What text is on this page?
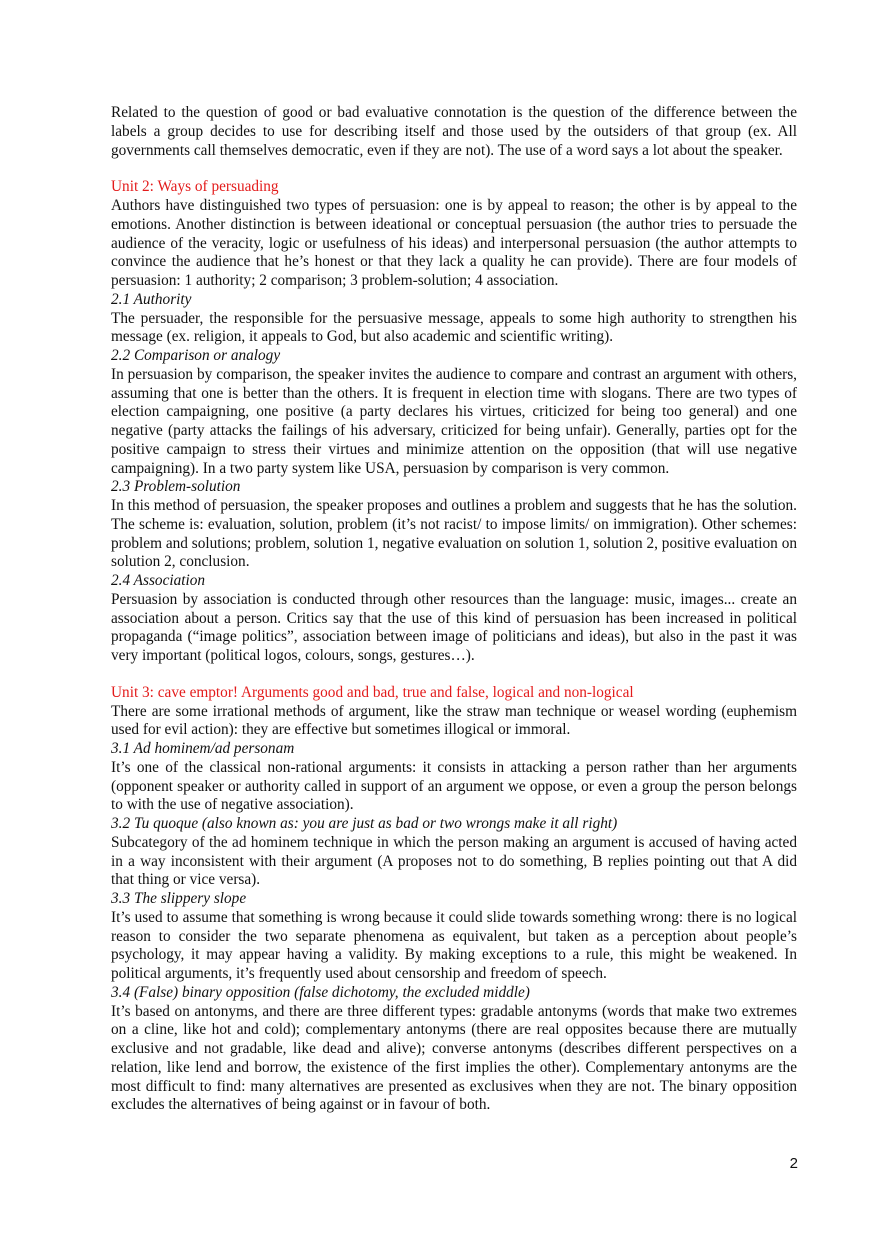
Related to the question of good or bad evaluative connotation is the question of the difference between the labels a group decides to use for describing itself and those used by the outsiders of that group (ex. All governments call themselves democratic, even if they are not). The use of a word says a lot about the speaker.

Unit 2: Ways of persuading

Authors have distinguished two types of persuasion: one is by appeal to reason; the other is by appeal to the emotions. Another distinction is between ideational or conceptual persuasion (the author tries to persuade the audience of the veracity, logic or usefulness of his ideas) and interpersonal persuasion (the author attempts to convince the audience that he’s honest or that they lack a quality he can provide). There are four models of persuasion: 1 authority; 2 comparison; 3 problem-solution; 4 association.

2.1 Authority

The persuader, the responsible for the persuasive message, appeals to some high authority to strengthen his message (ex. religion, it appeals to God, but also academic and scientific writing).

2.2 Comparison or analogy

In persuasion by comparison, the speaker invites the audience to compare and contrast an argument with others, assuming that one is better than the others. It is frequent in election time with slogans. There are two types of election campaigning, one positive (a party declares his virtues, criticized for being too general) and one negative (party attacks the failings of his adversary, criticized for being unfair). Generally, parties opt for the positive campaign to stress their virtues and minimize attention on the opposition (that will use negative campaigning). In a two party system like USA, persuasion by comparison is very common.

2.3 Problem-solution

In this method of persuasion, the speaker proposes and outlines a problem and suggests that he has the solution. The scheme is: evaluation, solution, problem (it’s not racist/ to impose limits/ on immigration). Other schemes: problem and solutions; problem, solution 1, negative evaluation on solution 1, solution 2, positive evaluation on solution 2, conclusion.

2.4 Association

Persuasion by association is conducted through other resources than the language: music, images... create an association about a person. Critics say that the use of this kind of persuasion has been increased in political propaganda (“image politics”, association between image of politicians and ideas), but also in the past it was very important (political logos, colours, songs, gestures…).

Unit 3: cave emptor! Arguments good and bad, true and false, logical and non-logical

There are some irrational methods of argument, like the straw man technique or weasel wording (euphemism used for evil action): they are effective but sometimes illogical or immoral.

3.1 Ad hominem/ad personam

It’s one of the classical non-rational arguments: it consists in attacking a person rather than her arguments (opponent speaker or authority called in support of an argument we oppose, or even a group the person belongs to with the use of negative association).

3.2 Tu quoque (also known as: you are just as bad or two wrongs make it all right)

Subcategory of the ad hominem technique in which the person making an argument is accused of having acted in a way inconsistent with their argument (A proposes not to do something, B replies pointing out that A did that thing or vice versa).

3.3 The slippery slope

It’s used to assume that something is wrong because it could slide towards something wrong: there is no logical reason to consider the two separate phenomena as equivalent, but taken as a perception about people’s psychology, it may appear having a validity. By making exceptions to a rule, this might be weakened. In political arguments, it’s frequently used about censorship and freedom of speech.

3.4 (False) binary opposition (false dichotomy, the excluded middle)

It’s based on antonyms, and there are three different types: gradable antonyms (words that make two extremes on a cline, like hot and cold); complementary antonyms (there are real opposites because there are mutually exclusive and not gradable, like dead and alive); converse antonyms (describes different perspectives on a relation, like lend and borrow, the existence of the first implies the other). Complementary antonyms are the most difficult to find: many alternatives are presented as exclusives when they are not. The binary opposition excludes the alternatives of being against or in favour of both.

2
